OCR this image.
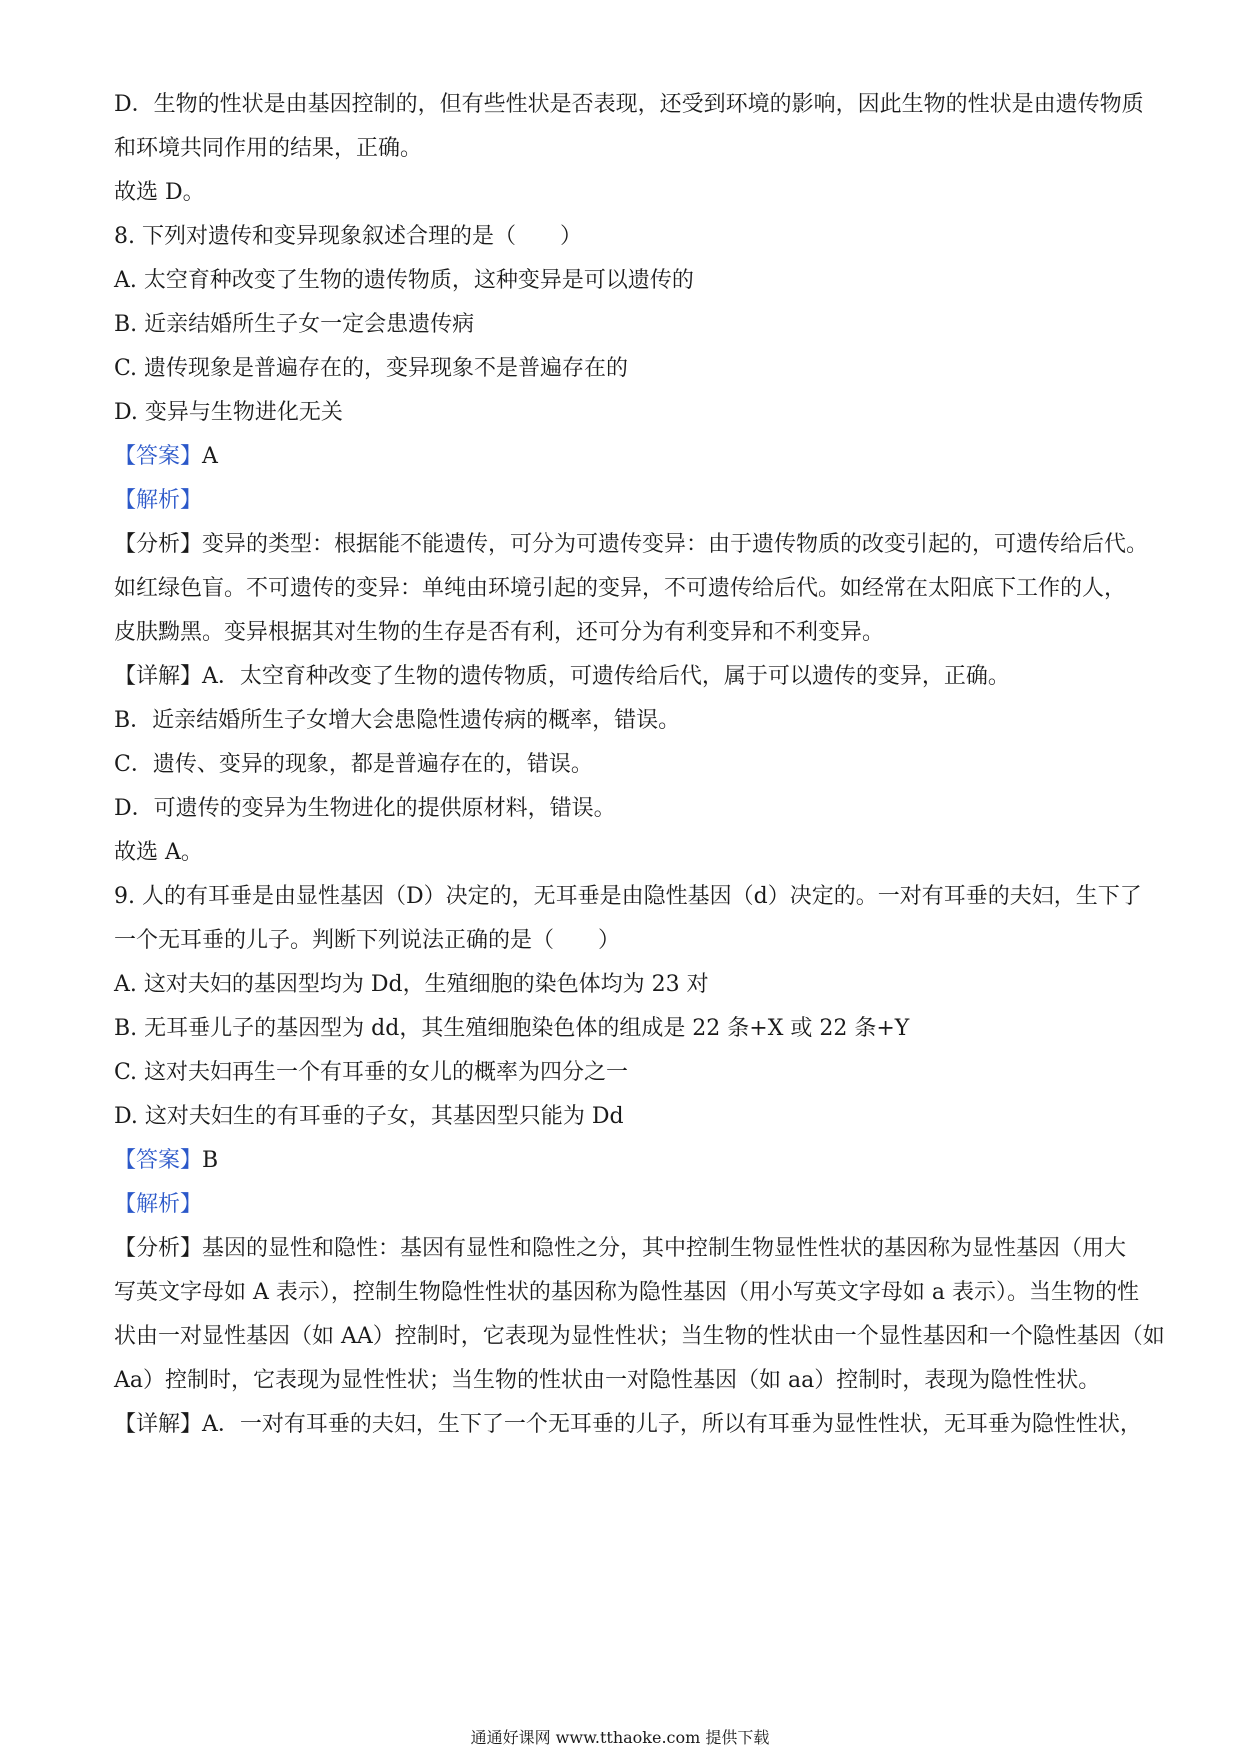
D．生物的性状是由基因控制的，但有些性状是否表现，还受到环境的影响，因此生物的性状是由遗传物质
和环境共同作用的结果，正确。
故选 D。
8. 下列对遗传和变异现象叙述合理的是（　　）
A. 太空育种改变了生物的遗传物质，这种变异是可以遗传的
B. 近亲结婚所生子女一定会患遗传病
C. 遗传现象是普遍存在的，变异现象不是普遍存在的
D. 变异与生物进化无关
【答案】A
【解析】
【分析】变异的类型：根据能不能遗传，可分为可遗传变异：由于遗传物质的改变引起的，可遗传给后代。
如红绿色盲。不可遗传的变异：单纯由环境引起的变异，不可遗传给后代。如经常在太阳底下工作的人，
皮肤黝黑。变异根据其对生物的生存是否有利，还可分为有利变异和不利变异。
【详解】A．太空育种改变了生物的遗传物质，可遗传给后代，属于可以遗传的变异，正确。
B．近亲结婚所生子女增大会患隐性遗传病的概率，错误。
C．遗传、变异的现象，都是普遍存在的，错误。
D．可遗传的变异为生物进化的提供原材料，错误。
故选 A。
9. 人的有耳垂是由显性基因（D）决定的，无耳垂是由隐性基因（d）决定的。一对有耳垂的夫妇，生下了
一个无耳垂的儿子。判断下列说法正确的是（　　）
A. 这对夫妇的基因型均为 Dd，生殖细胞的染色体均为 23 对
B. 无耳垂儿子的基因型为 dd，其生殖细胞染色体的组成是 22 条+X 或 22 条+Y
C. 这对夫妇再生一个有耳垂的女儿的概率为四分之一
D. 这对夫妇生的有耳垂的子女，其基因型只能为 Dd
【答案】B
【解析】
【分析】基因的显性和隐性：基因有显性和隐性之分，其中控制生物显性性状的基因称为显性基因（用大
写英文字母如 A 表示），控制生物隐性性状的基因称为隐性基因（用小写英文字母如 a 表示）。当生物的性
状由一对显性基因（如 AA）控制时，它表现为显性性状；当生物的性状由一个显性基因和一个隐性基因（如
Aa）控制时，它表现为显性性状；当生物的性状由一对隐性基因（如 aa）控制时，表现为隐性性状。
【详解】A．一对有耳垂的夫妇，生下了一个无耳垂的儿子，所以有耳垂为显性性状，无耳垂为隐性性状，
通通好课网 www.tthaoke.com 提供下载
